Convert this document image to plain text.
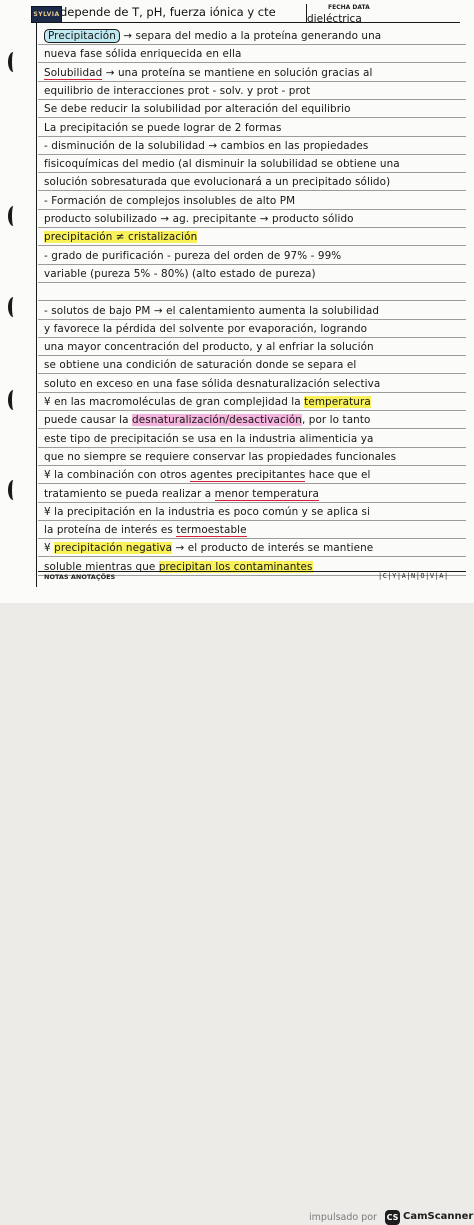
SYLVIA depende de T, pH, fuerza iónica y cte	FECHA DATA
dieléctrica
Precipitación → separa del medio a la proteína generando una
nueva fase sólida enriquecida en ella
Solubilidad → una proteína se mantiene en solución gracias al
equilibrio de interacciones prot - solv. y prot - prot
Se debe reducir la solubilidad por alteración del equilibrio
La precipitación se puede lograr de 2 formas
- disminución de la solubilidad → cambios en las propiedades
fisicoquímicas del medio (al disminuir la solubilidad se obtiene una
solución sobresaturada que evolucionará a un precipitado sólido)
- Formación de complejos insolubles de alto PM
producto solubilizado → ag. precipitante → producto sólido
precipitación ≠ cristalización
- grado de purificación - pureza del orden de 97% - 99%
variable (pureza 5% - 80%) (alto estado de pureza)
- solutos de bajo PM → el calentamiento aumenta la solubilidad
y favorece la pérdida del solvente por evaporación, logrando
una mayor concentración del producto, y al enfriar la solución
se obtiene una condición de saturación donde se separa el
soluto en exceso en una fase sólida desnaturalización selectiva
¥ en las macromoléculas de gran complejidad la temperatura
puede causar la desnaturalización/desactivación, por lo tanto
este tipo de precipitación se usa en la industria alimenticia ya
que no siempre se requiere conservar las propiedades funcionales
¥ la combinación con otros agentes precipitantes hace que el
tratamiento se pueda realizar a menor temperatura
¥ la precipitación en la industria es poco común y se aplica si
la proteína de interés es termoestable
¥ precipitación negativa → el producto de interés se mantiene
soluble mientras que precipitan los contaminantes
NOTAS ANOTAÇÕES	|C|Y|A|N|O|V|A|
impulsado por CS CamScanner
